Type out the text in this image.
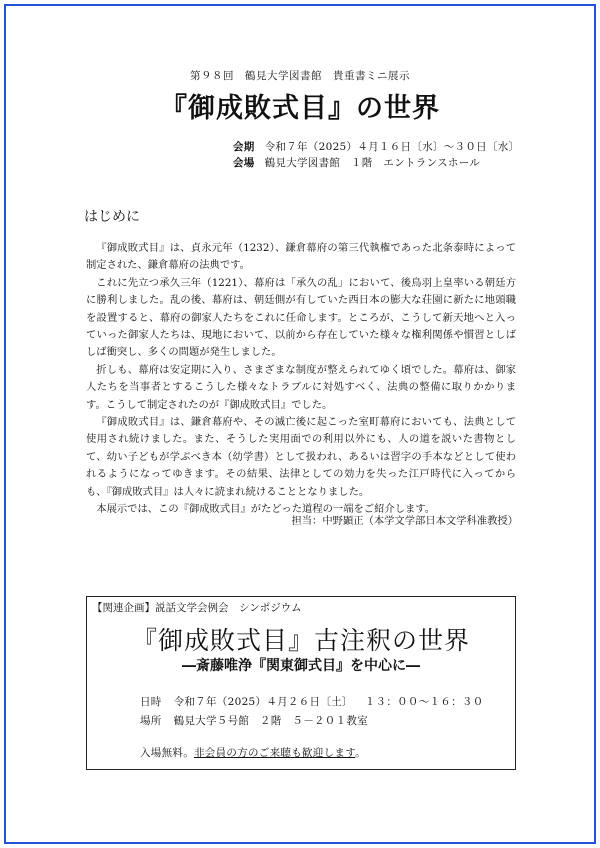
第９８回　鶴見大学図書館　貴重書ミニ展示
『御成敗式目』の世界
会期 令和７年（2025）４月１６日〔水〕～３０日〔水〕
会場 鶴見大学図書館　１階　エントランスホール
はじめに

『御成敗式目』は、貞永元年（1232）、鎌倉幕府の第三代執権であった北条泰時によって制定された、鎌倉幕府の法典です。

これに先立つ承久三年（1221）、幕府は「承久の乱」において、後鳥羽上皇率いる朝廷方に勝利しました。乱の後、幕府は、朝廷側が有していた西日本の膨大な荘園に新たに地頭職を設置すると、幕府の御家人たちをこれに任命します。ところが、こうして新天地へと入っていった御家人たちは、現地において、以前から存在していた様々な権利関係や慣習としばしば衝突し、多くの問題が発生しました。

折しも、幕府は安定期に入り、さまざまな制度が整えられてゆく頃でした。幕府は、御家人たちを当事者とするこうした様々なトラブルに対処すべく、法典の整備に取りかかります。こうして制定されたのが『御成敗式目』でした。

『御成敗式目』は、鎌倉幕府や、その滅亡後に起こった室町幕府においても、法典として使用され続けました。また、そうした実用面での利用以外にも、人の道を説いた書物として、幼い子どもが学ぶべき本（幼学書）として扱われ、あるいは習字の手本などとして使われるようになってゆきます。その結果、法律としての効力を失った江戸時代に入ってからも、『御成敗式目』は人々に読まれ続けることとなりました。

本展示では、この『御成敗式目』がたどった道程の一端をご紹介します。

担当：中野顕正（本学文学部日本文学科准教授）
【関連企画】説話文学会例会　シンポジウム
『御成敗式目』古注釈の世界
―斎藤唯浄『関東御式目』を中心に―
日時 令和７年（2025）４月２６日〔土〕 １３：００～１６：３０
場所 鶴見大学５号館　２階　５－２０１教室
入場無料。非会員の方のご来聴も歓迎します。
